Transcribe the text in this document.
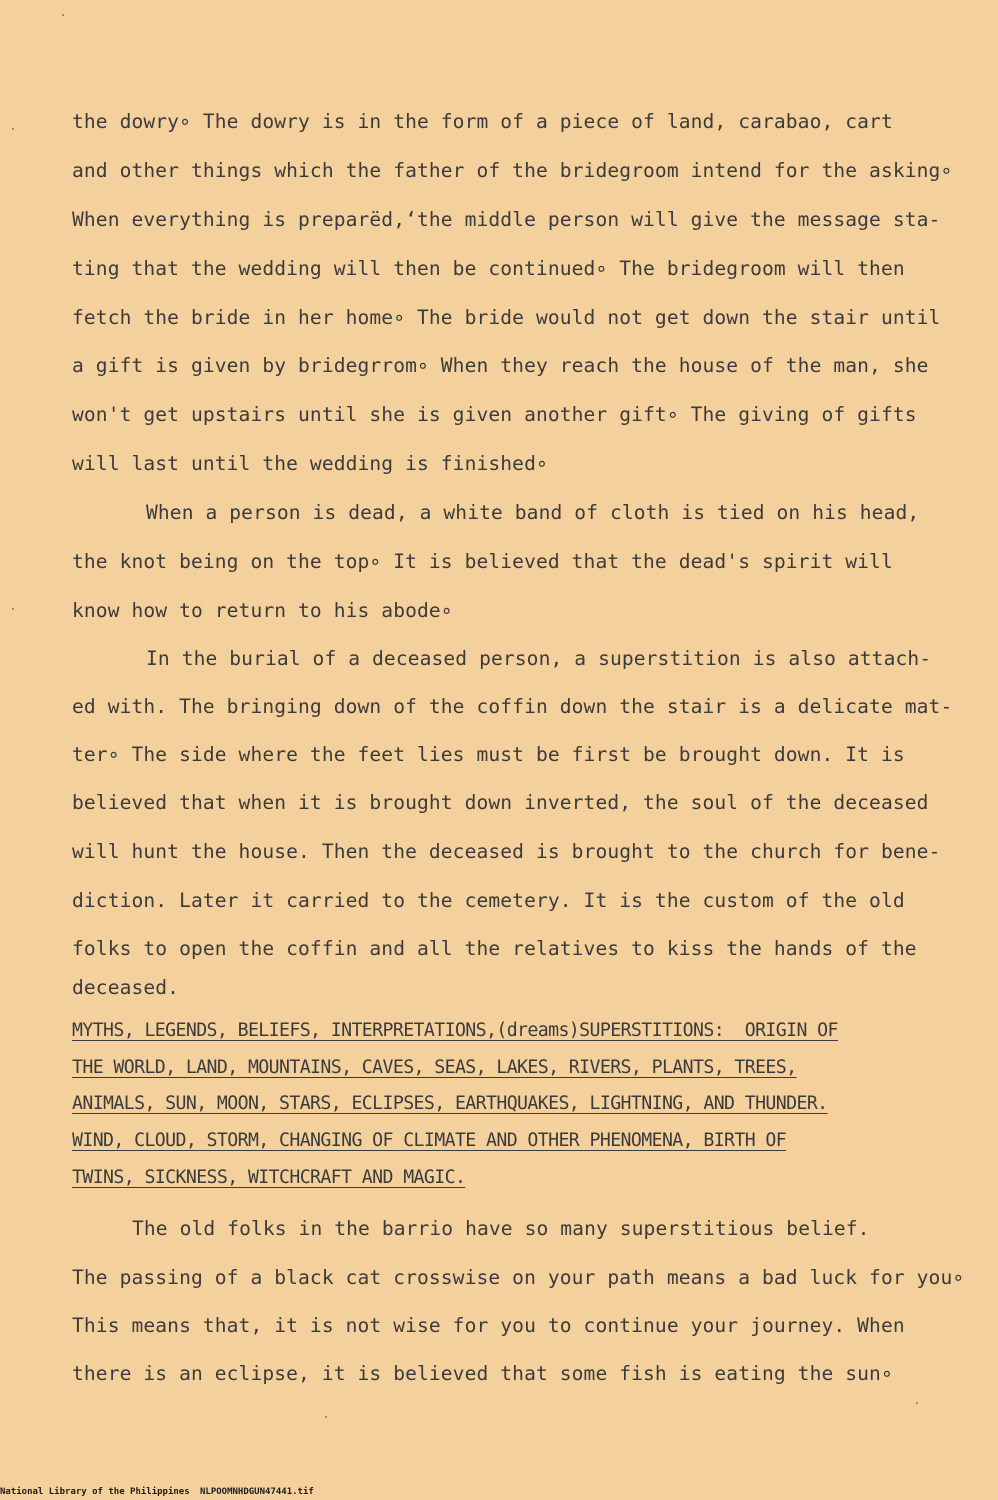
the dowry∘ The dowry is in the form of a piece of land, carabao, cart
and other things which the father of the bridegroom intend for the asking∘
When everything is preparëd,ʻthe middle person will give the message sta-
ting that the wedding will then be continued∘ The bridegroom will then
fetch the bride in her home∘ The bride would not get down the stair until
a gift is given by bridegrrom∘ When they reach the house of the man, she
won't get upstairs until she is given another gift∘ The giving of gifts
will last until the wedding is finished∘
When a person is dead, a white band of cloth is tied on his head,
the knot being on the top∘ It is believed that the dead's spirit will
know how to return to his abode∘
In the burial of a deceased person, a superstition is also attach-
ed with. The bringing down of the coffin down the stair is a delicate mat-
ter∘ The side where the feet lies must be first be brought down. It is
believed that when it is brought down inverted, the soul of the deceased
will hunt the house. Then the deceased is brought to the church for bene-
diction. Later it carried to the cemetery. It is the custom of the old
folks to open the coffin and all the relatives to kiss the hands of the
deceased.
MYTHS, LEGENDS, BELIEFS, INTERPRETATIONS,(dreams)SUPERSTITIONS:  ORIGIN OF
THE WORLD, LAND, MOUNTAINS, CAVES, SEAS, LAKES, RIVERS, PLANTS, TREES,
ANIMALS, SUN, MOON, STARS, ECLIPSES, EARTHQUAKES, LIGHTNING, AND THUNDER.
WIND, CLOUD, STORM, CHANGING OF CLIMATE AND OTHER PHENOMENA, BIRTH OF
TWINS, SICKNESS, WITCHCRAFT AND MAGIC.
The old folks in the barrio have so many superstitious belief.
The passing of a black cat crosswise on your path means a bad luck for you∘
This means that, it is not wise for you to continue your journey. When
there is an eclipse, it is believed that some fish is eating the sun∘
National Library of the Philippines NLPOOMNHDGUN47441.tif
